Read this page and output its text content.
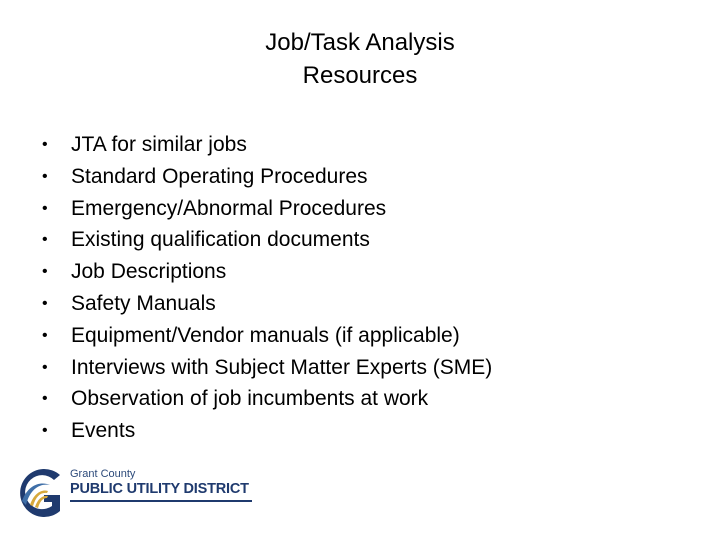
Job/Task Analysis
Resources
•	JTA for similar jobs
•	Standard Operating Procedures
•	Emergency/Abnormal Procedures
•	Existing qualification documents
•	Job Descriptions
•	Safety Manuals
•	Equipment/Vendor manuals (if applicable)
•	Interviews with Subject Matter Experts (SME)
•	Observation of job incumbents at work
•	Events
Grant County
PUBLIC UTILITY DISTRICT
